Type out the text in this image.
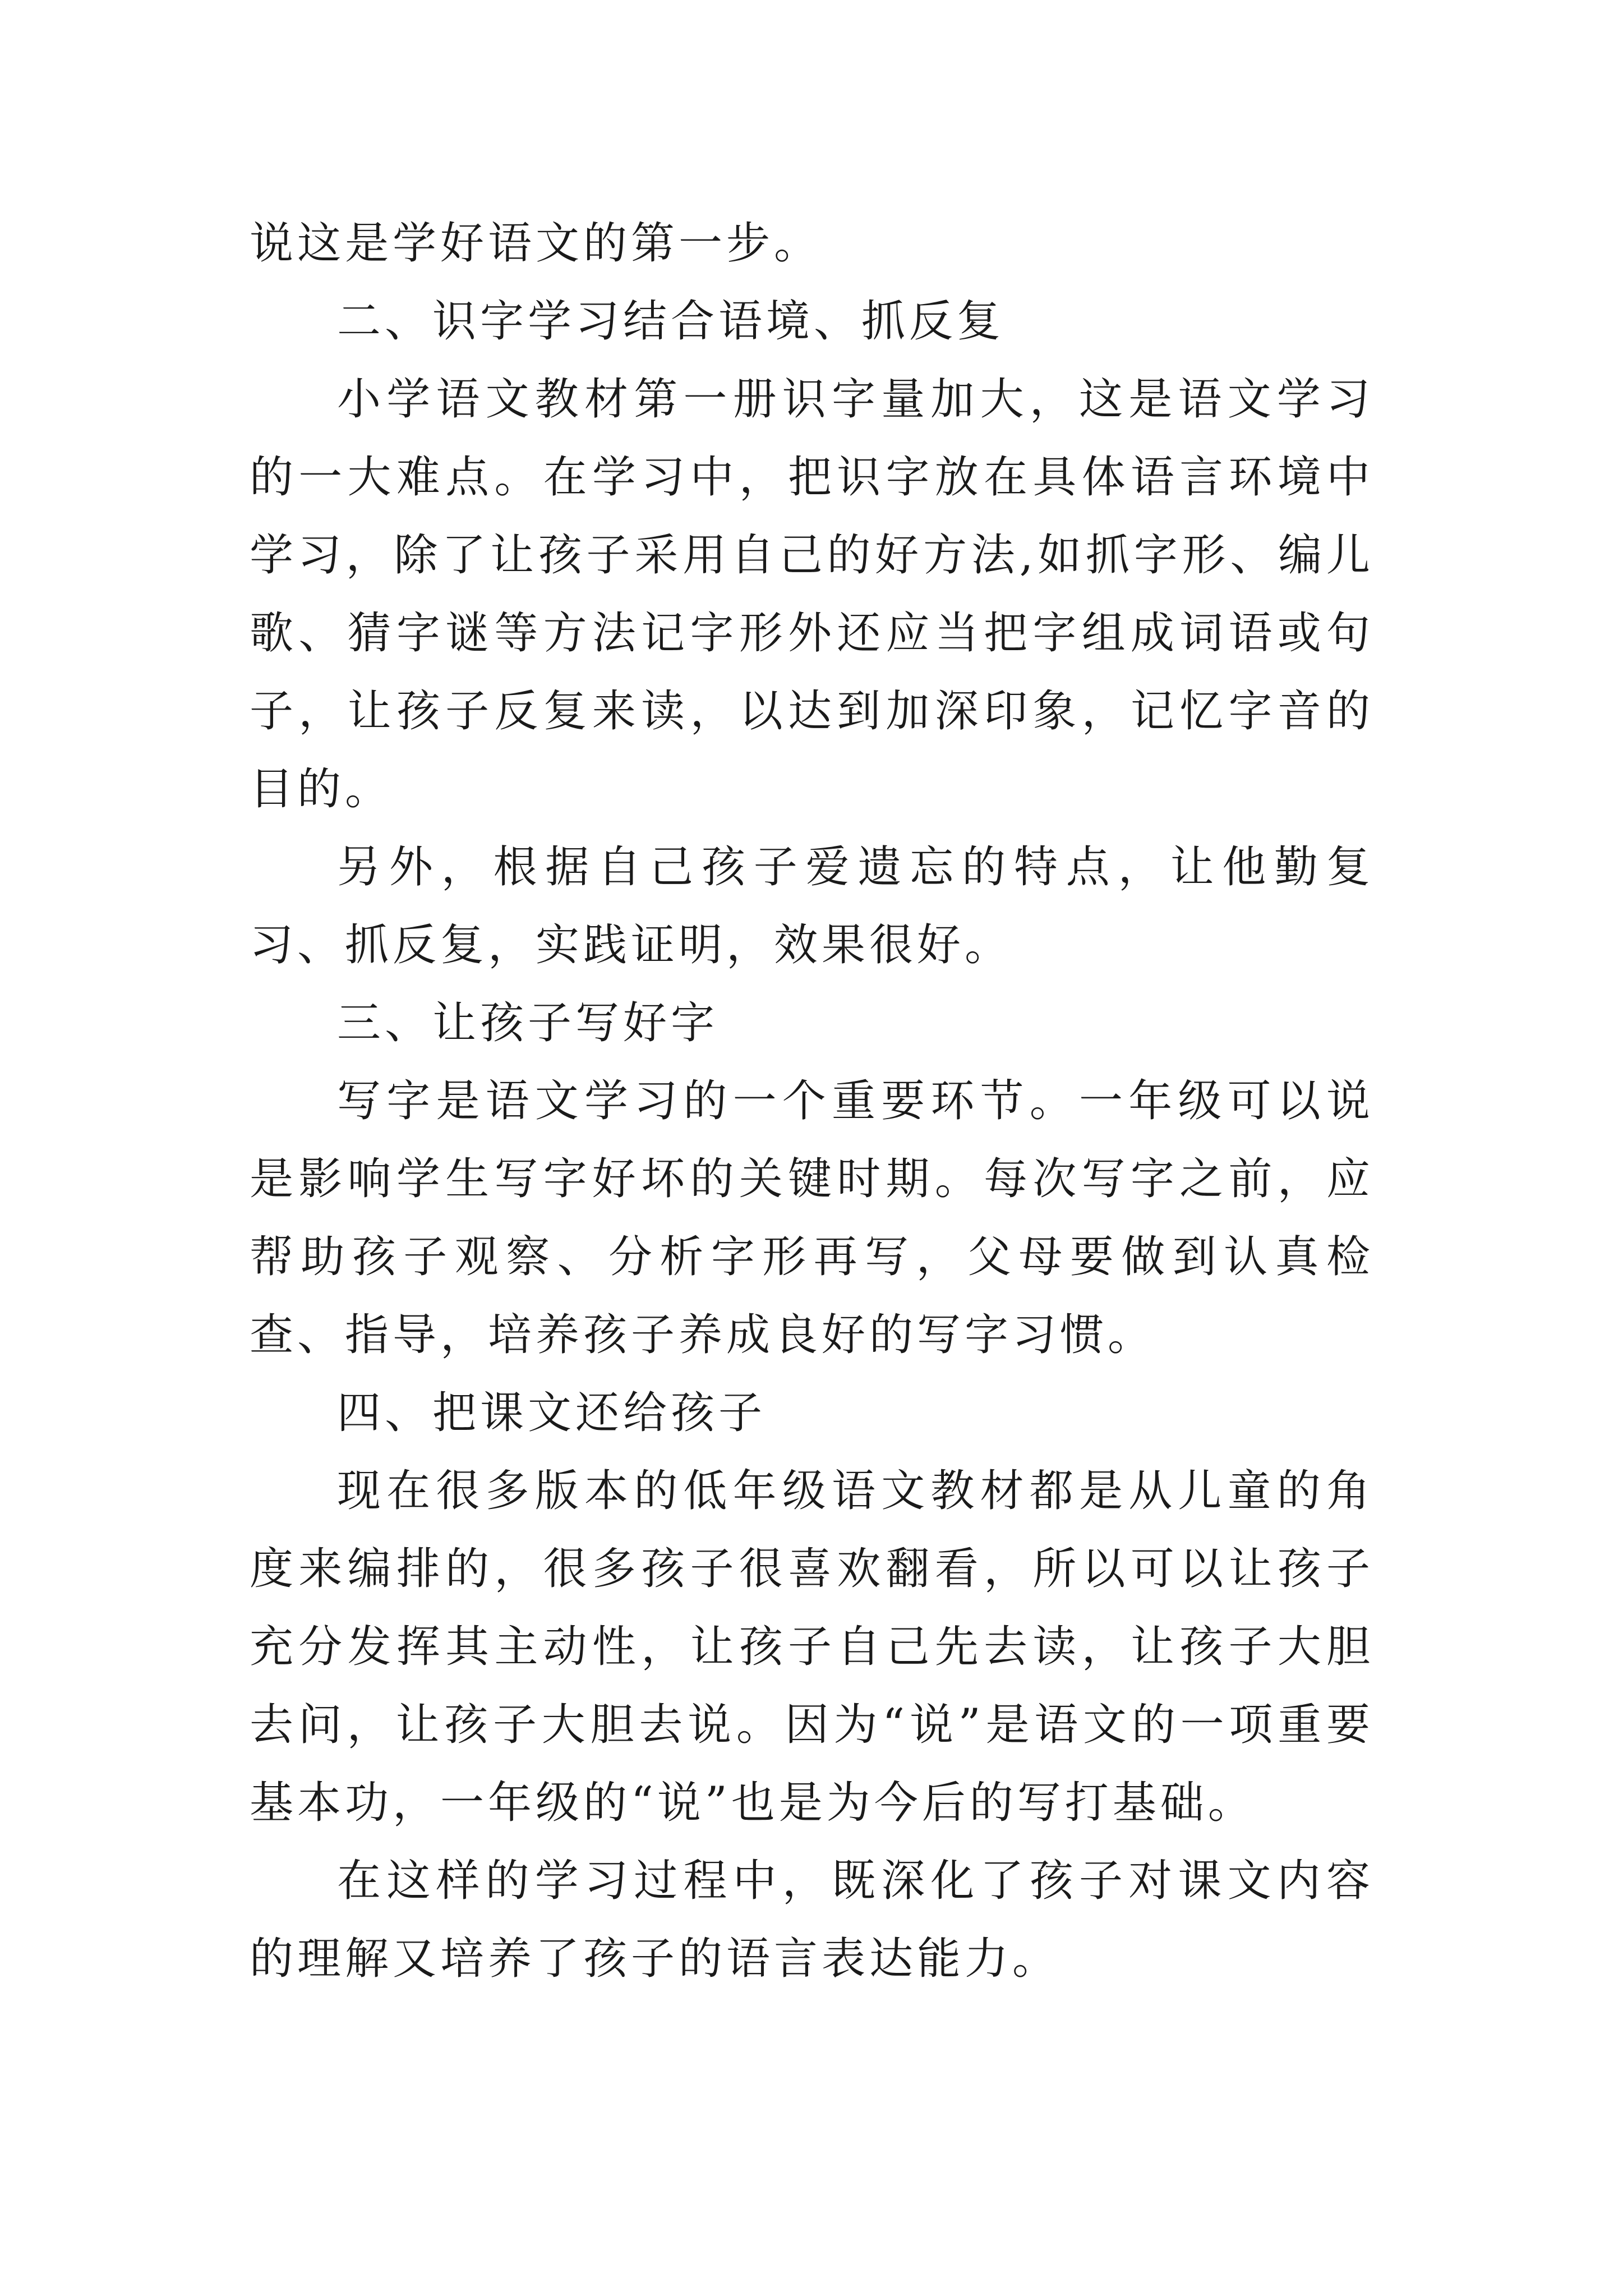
说这是学好语文的第一步。

二、识字学习结合语境、抓反复

小学语文教材第一册识字量加大，这是语文学习的一大难点。在学习中，把识字放在具体语言环境中学习，除了让孩子采用自己的好方法,如抓字形、编儿歌、猜字谜等方法记字形外还应当把字组成词语或句子，让孩子反复来读，以达到加深印象，记忆字音的目的。

另外，根据自己孩子爱遗忘的特点，让他勤复习、抓反复，实践证明，效果很好。

三、让孩子写好字

写字是语文学习的一个重要环节。一年级可以说是影响学生写字好坏的关键时期。每次写字之前，应帮助孩子观察、分析字形再写，父母要做到认真检查、指导，培养孩子养成良好的写字习惯。

四、把课文还给孩子

现在很多版本的低年级语文教材都是从儿童的角度来编排的，很多孩子很喜欢翻看，所以可以让孩子充分发挥其主动性，让孩子自己先去读，让孩子大胆去问，让孩子大胆去说。因为“说”是语文的一项重要基本功，一年级的“说”也是为今后的写打基础。

在这样的学习过程中，既深化了孩子对课文内容的理解又培养了孩子的语言表达能力。
